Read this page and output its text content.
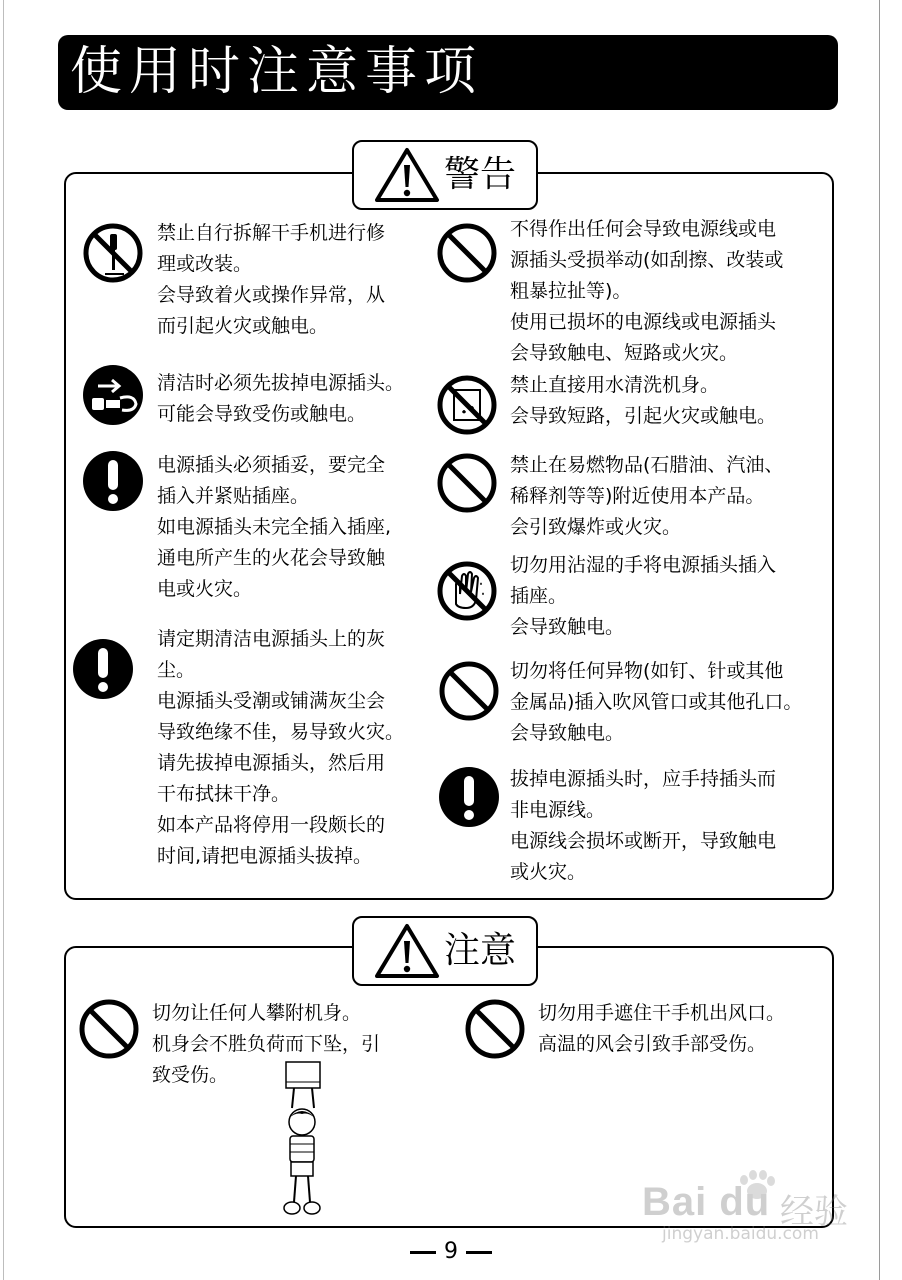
使用时注意事项
警告

禁止自行拆解干手机进行修

理或改装。

会导致着火或操作异常，从

而引起火灾或触电。

清洁时必须先拔掉电源插头。

可能会导致受伤或触电。

电源插头必须插妥，要完全

插入并紧贴插座。

如电源插头未完全插入插座,

通电所产生的火花会导致触

电或火灾。

请定期清洁电源插头上的灰

尘。

电源插头受潮或铺满灰尘会

导致绝缘不佳，易导致火灾。

请先拔掉电源插头，然后用

干布拭抹干净。

如本产品将停用一段颇长的

时间,请把电源插头拔掉。

不得作出任何会导致电源线或电

源插头受损举动(如刮擦、改装或

粗暴拉扯等)。

使用已损坏的电源线或电源插头

会导致触电、短路或火灾。

禁止直接用水清洗机身。

会导致短路，引起火灾或触电。

禁止在易燃物品(石腊油、汽油、

稀释剂等等)附近使用本产品。

会引致爆炸或火灾。

切勿用沾湿的手将电源插头插入

插座。

会导致触电。

切勿将任何异物(如钉、针或其他

金属品)插入吹风管口或其他孔口。

会导致触电。

拔掉电源插头时，应手持插头而

非电源线。

电源线会损坏或断开，导致触电

或火灾。

注意

切勿让任何人攀附机身。

机身会不胜负荷而下坠，引

致受伤。

切勿用手遮住干手机出风口。

高温的风会引致手部受伤。

Bai du 经验
jingyan.baidu.com
9
